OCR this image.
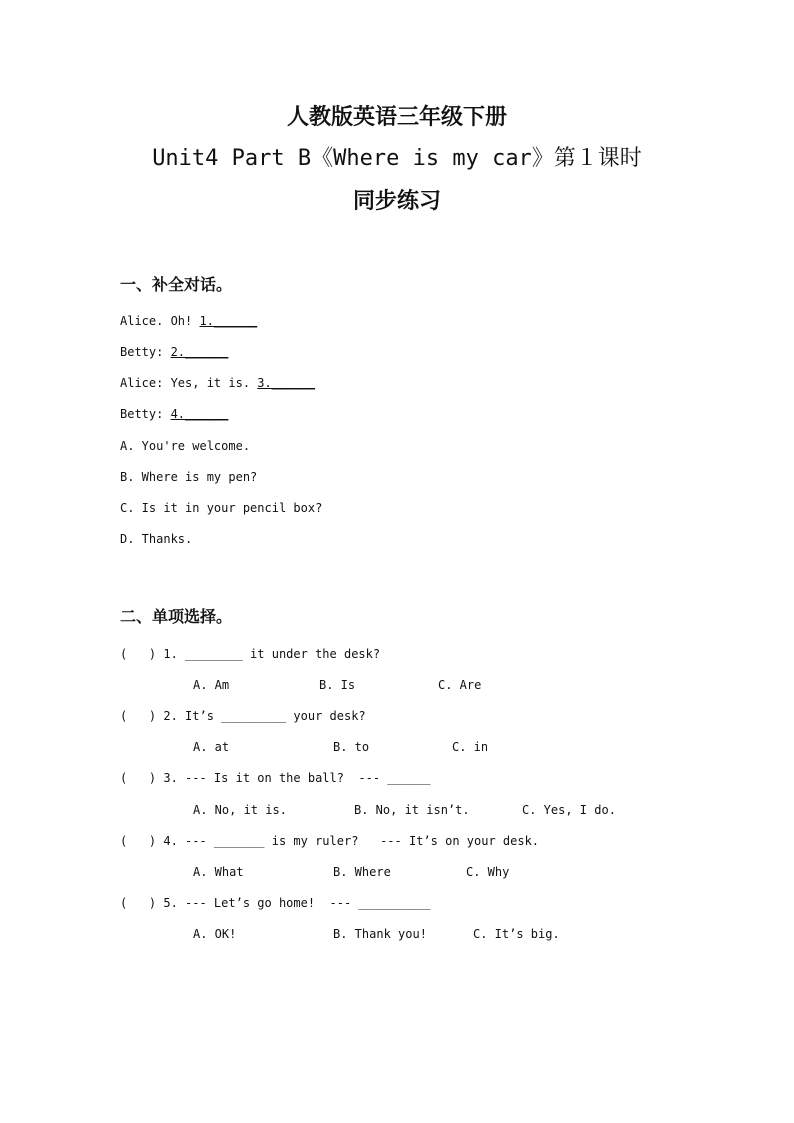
人教版英语三年级下册
Unit4 Part B《Where is my car》第１课时
同步练习
一、补全对话。
Alice. Oh! 1.______
Betty: 2.______
Alice: Yes, it is. 3.______
Betty: 4.______
A. You're welcome.
B. Where is my pen?
C. Is it in your pencil box?
D. Thanks.
二、单项选择。
(   ) 1. ________ it under the desk?
A. Am	B. Is	C. Are
(   ) 2. It’s _________ your desk?
A. at	B. to	C. in
(   ) 3. --- Is it on the ball?  --- ______
A. No, it is.	B. No, it isn’t.	C. Yes, I do.
(   ) 4. --- _______ is my ruler?   --- It’s on your desk.
A. What	B. Where	C. Why
(   ) 5. --- Let’s go home!  --- __________
A. OK!	B. Thank you!	C. It’s big.
